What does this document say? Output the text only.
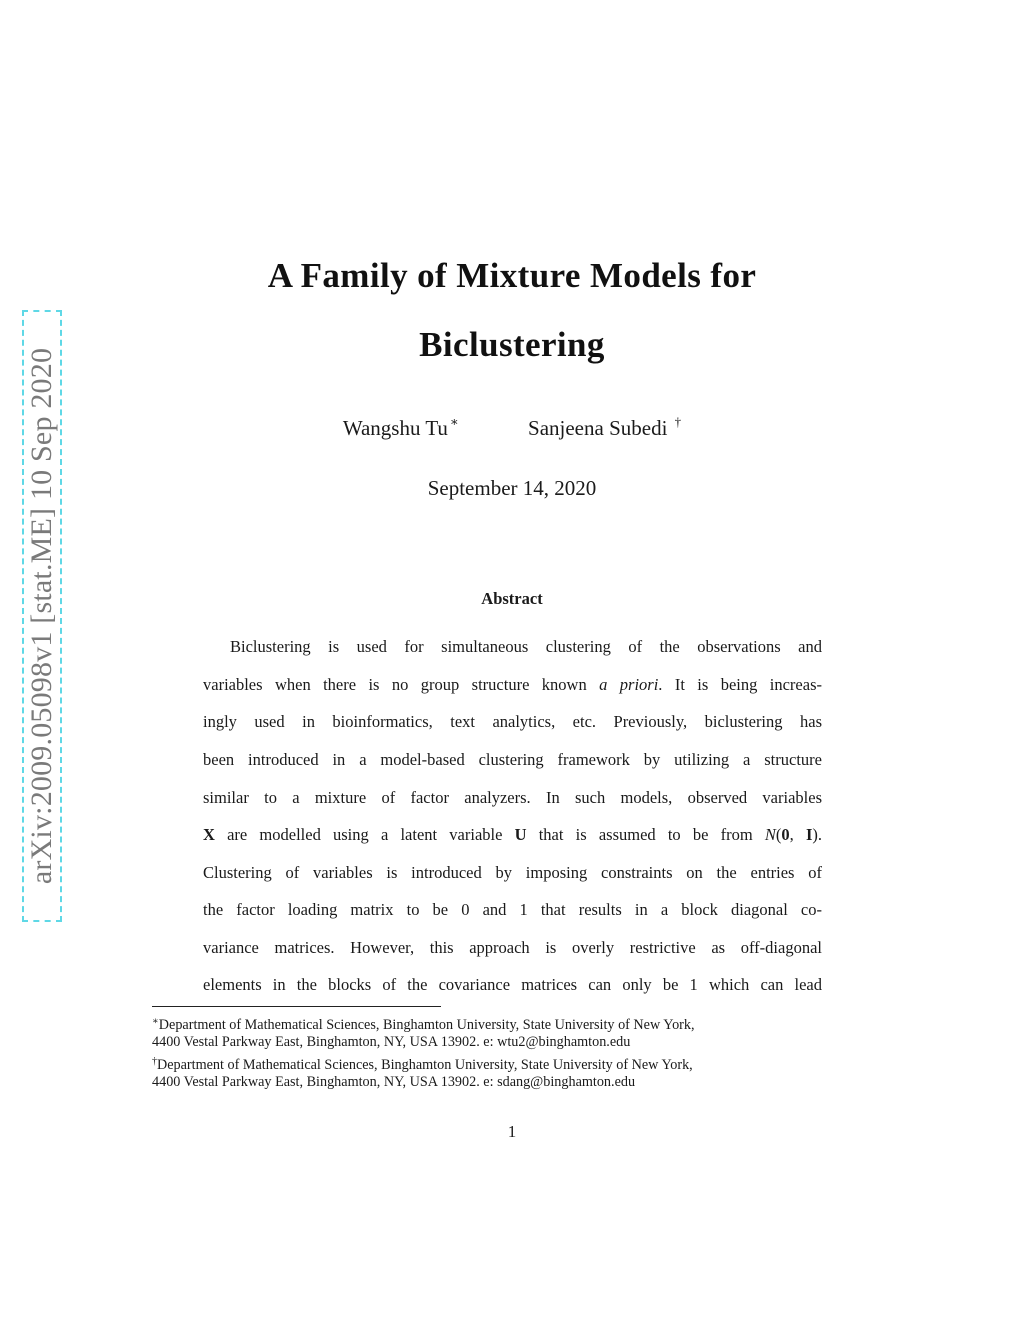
arXiv:2009.05098v1 [stat.ME] 10 Sep 2020
A Family of Mixture Models for
Biclustering
Wangshu Tu ∗	Sanjeena Subedi †
September 14, 2020
Abstract
Biclustering is used for simultaneous clustering of the observations and
variables when there is no group structure known a priori. It is being increas-
ingly used in bioinformatics, text analytics, etc. Previously, biclustering has
been introduced in a model-based clustering framework by utilizing a structure
similar to a mixture of factor analyzers. In such models, observed variables
X are modelled using a latent variable U that is assumed to be from N(0, I).
Clustering of variables is introduced by imposing constraints on the entries of
the factor loading matrix to be 0 and 1 that results in a block diagonal co-
variance matrices. However, this approach is overly restrictive as off-diagonal
elements in the blocks of the covariance matrices can only be 1 which can lead
∗Department of Mathematical Sciences, Binghamton University, State University of New York,
4400 Vestal Parkway East, Binghamton, NY, USA 13902. e: wtu2@binghamton.edu
†Department of Mathematical Sciences, Binghamton University, State University of New York,
4400 Vestal Parkway East, Binghamton, NY, USA 13902. e: sdang@binghamton.edu
1
